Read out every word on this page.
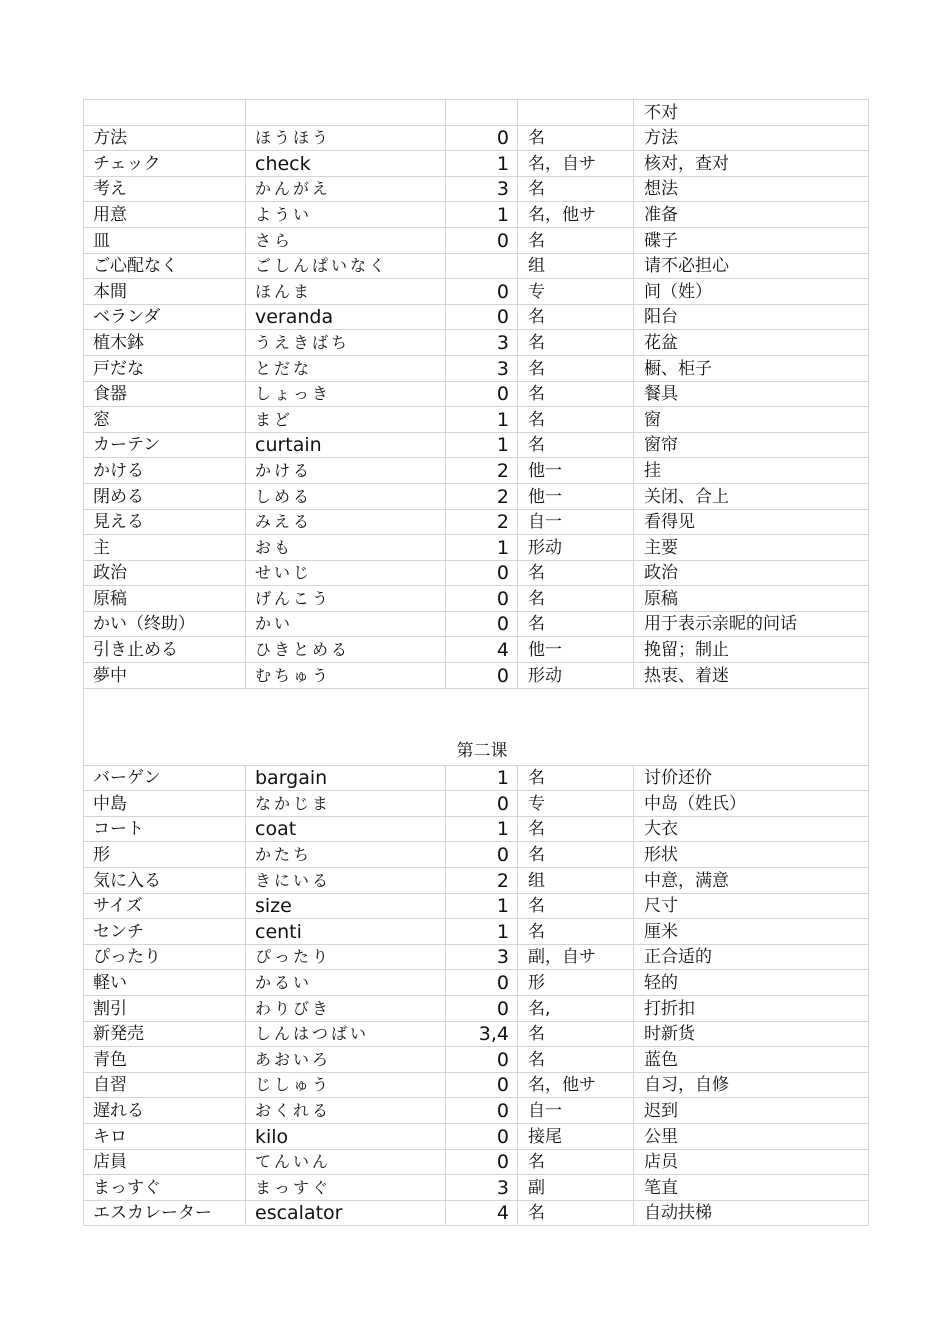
				不对
方法	ほうほう	0	名	方法
チェック	check	1	名，自サ	核对，查对
考え	かんがえ	3	名	想法
用意	ようい	1	名，他サ	准备
皿	さら	0	名	碟子
ご心配なく	ごしんぱいなく		组	请不必担心
本間	ほんま	0	专	间（姓）
ベランダ	veranda	0	名	阳台
植木鉢	うえきばち	3	名	花盆
戸だな	とだな	3	名	橱、柜子
食器	しょっき	0	名	餐具
窓	まど	1	名	窗
カーテン	curtain	1	名	窗帘
かける	かける	2	他一	挂
閉める	しめる	2	他一	关闭、合上
見える	みえる	2	自一	看得见
主	おも	1	形动	主要
政治	せいじ	0	名	政治
原稿	げんこう	0	名	原稿
かい（终助）	かい	0	名	用于表示亲昵的问话
引き止める	ひきとめる	4	他一	挽留；制止
夢中	むちゅう	0	形动	热衷、着迷
第二课				
バーゲン	bargain	1	名	讨价还价
中島	なかじま	0	专	中岛（姓氏）
コート	coat	1	名	大衣
形	かたち	0	名	形状
気に入る	きにいる	2	组	中意，满意
サイズ	size	1	名	尺寸
センチ	centi	1	名	厘米
ぴったり	ぴったり	3	副，自サ	正合适的
軽い	かるい	0	形	轻的
割引	わりびき	0	名,	打折扣
新発売	しんはつばい	3,4	名	时新货
青色	あおいろ	0	名	蓝色
自習	じしゅう	0	名，他サ	自习，自修
遅れる	おくれる	0	自一	迟到
キロ	kilo	0	接尾	公里
店員	てんいん	0	名	店员
まっすぐ	まっすぐ	3	副	笔直
エスカレーター	escalator	4	名	自动扶梯
